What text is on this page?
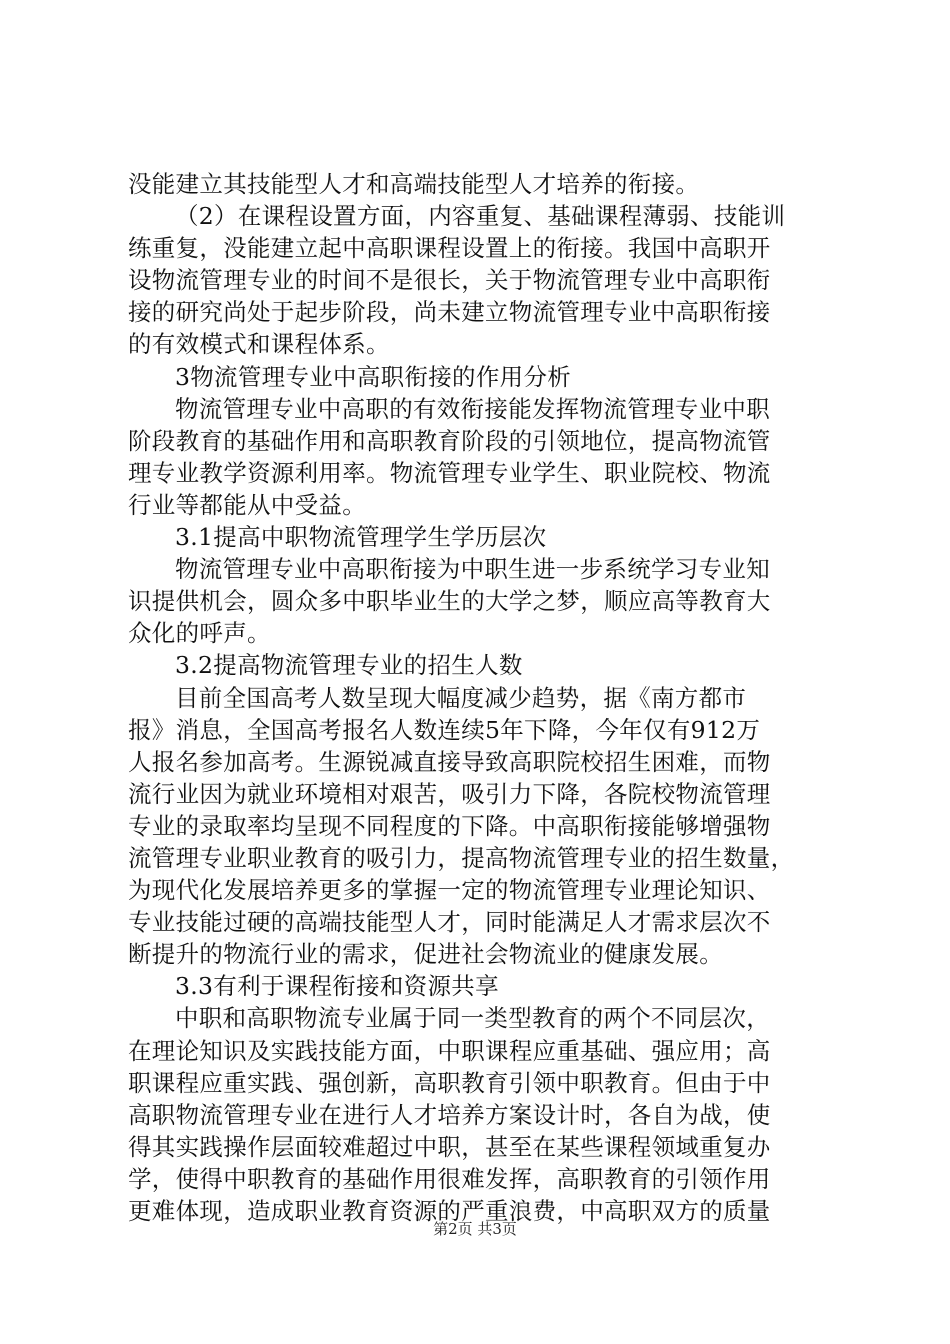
没能建立其技能型人才和高端技能型人才培养的衔接。
（2）在课程设置方面，内容重复、基础课程薄弱、技能训
练重复，没能建立起中高职课程设置上的衔接。我国中高职开
设物流管理专业的时间不是很长，关于物流管理专业中高职衔
接的研究尚处于起步阶段，尚未建立物流管理专业中高职衔接
的有效模式和课程体系。
3物流管理专业中高职衔接的作用分析
物流管理专业中高职的有效衔接能发挥物流管理专业中职
阶段教育的基础作用和高职教育阶段的引领地位，提高物流管
理专业教学资源利用率。物流管理专业学生、职业院校、物流
行业等都能从中受益。
3.1提高中职物流管理学生学历层次
物流管理专业中高职衔接为中职生进一步系统学习专业知
识提供机会，圆众多中职毕业生的大学之梦，顺应高等教育大
众化的呼声。
3.2提高物流管理专业的招生人数
目前全国高考人数呈现大幅度减少趋势，据《南方都市
报》消息，全国高考报名人数连续5年下降，今年仅有912万
人报名参加高考。生源锐减直接导致高职院校招生困难，而物
流行业因为就业环境相对艰苦，吸引力下降，各院校物流管理
专业的录取率均呈现不同程度的下降。中高职衔接能够增强物
流管理专业职业教育的吸引力，提高物流管理专业的招生数量，
为现代化发展培养更多的掌握一定的物流管理专业理论知识、
专业技能过硬的高端技能型人才，同时能满足人才需求层次不
断提升的物流行业的需求，促进社会物流业的健康发展。
3.3有利于课程衔接和资源共享
中职和高职物流专业属于同一类型教育的两个不同层次，
在理论知识及实践技能方面，中职课程应重基础、强应用；高
职课程应重实践、强创新，高职教育引领中职教育。但由于中
高职物流管理专业在进行人才培养方案设计时，各自为战，使
得其实践操作层面较难超过中职，甚至在某些课程领域重复办
学，使得中职教育的基础作用很难发挥，高职教育的引领作用
更难体现，造成职业教育资源的严重浪费，中高职双方的质量
第2页 共3页
